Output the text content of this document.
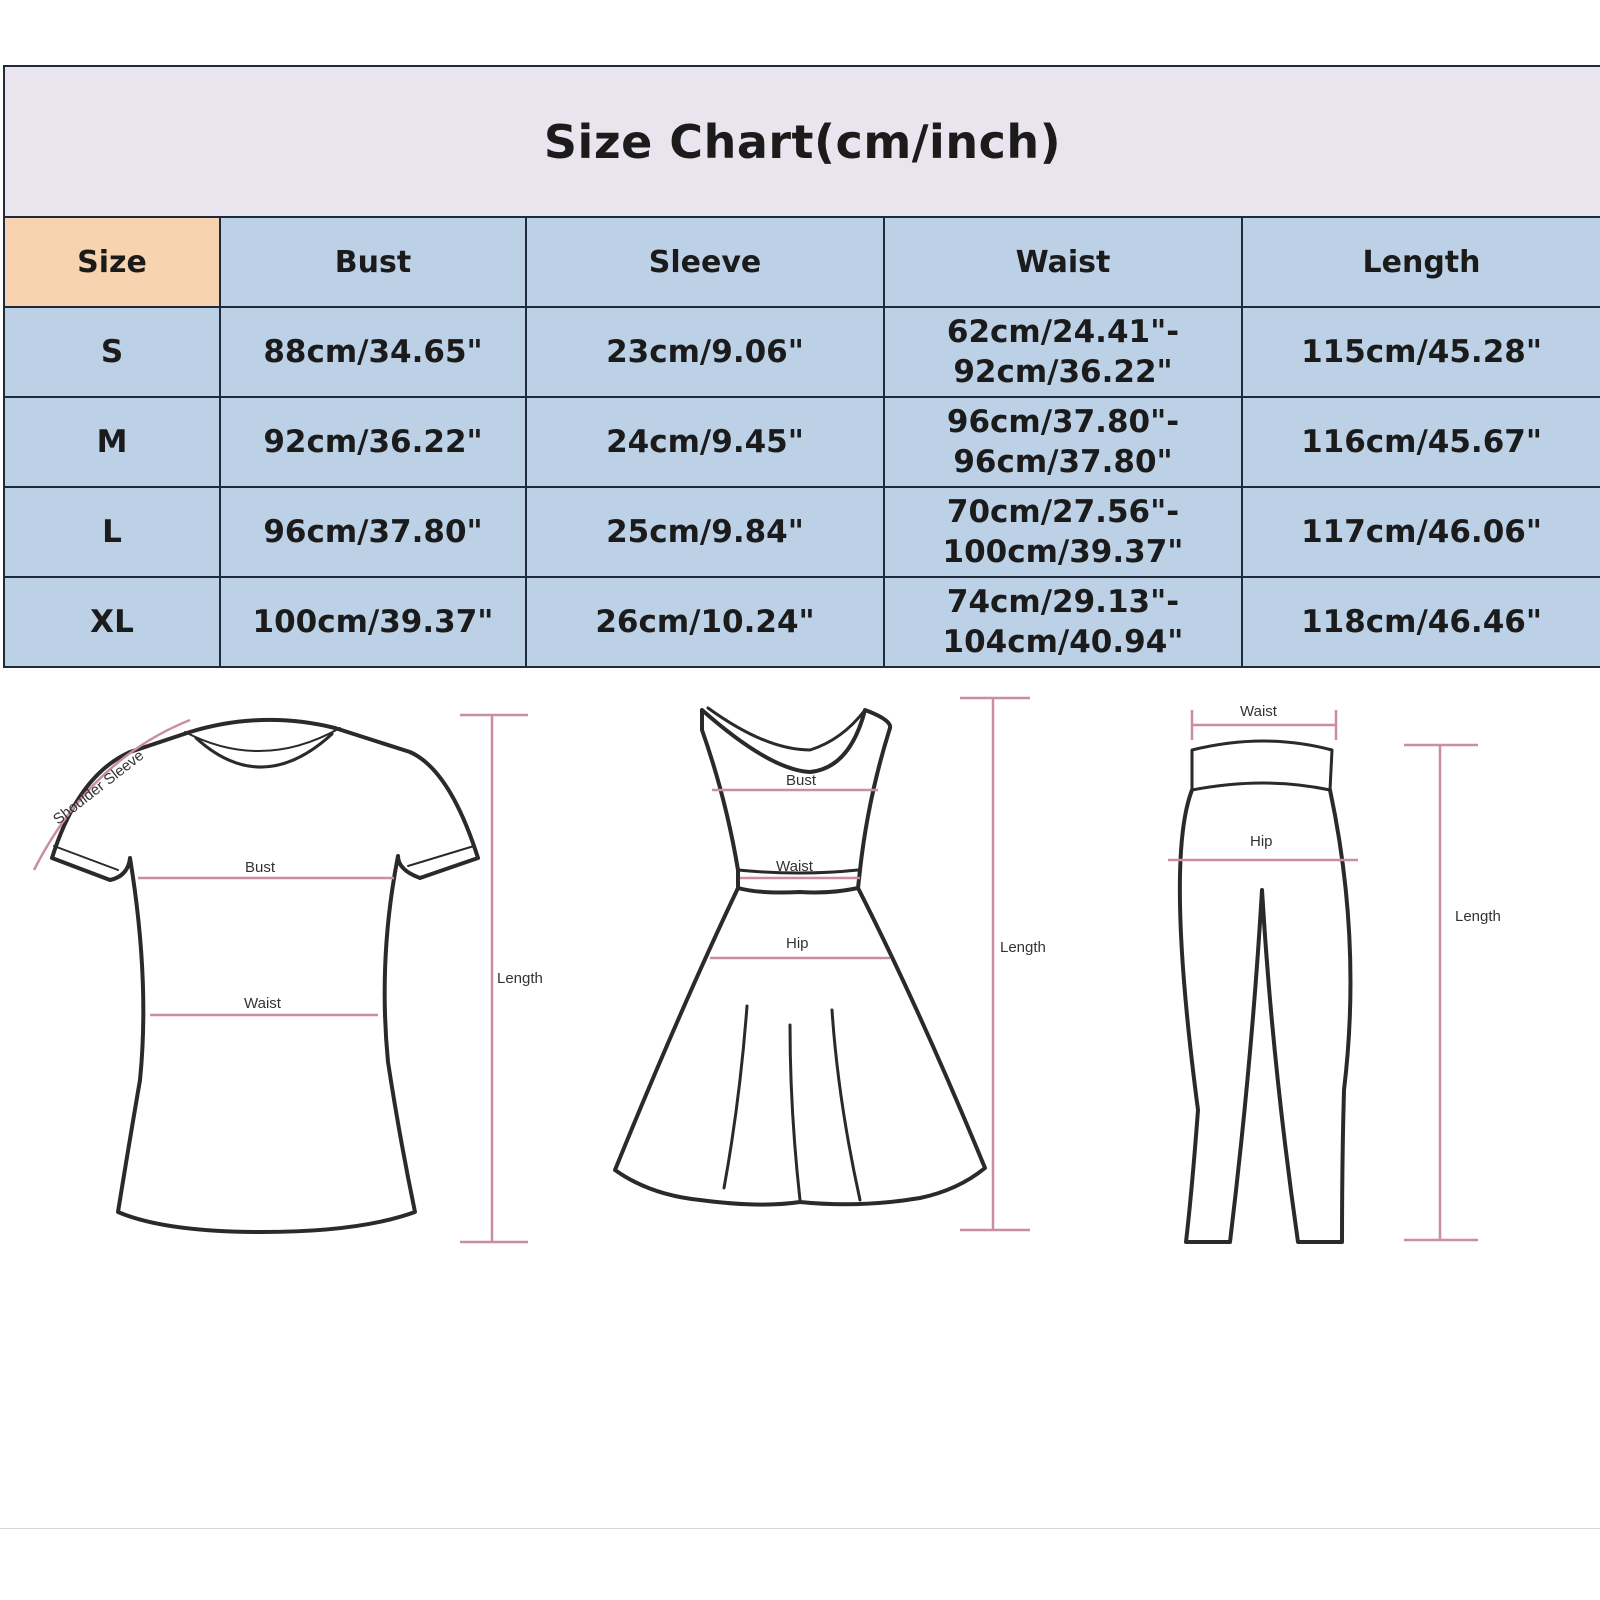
Size Chart(cm/inch)				
Size	Bust	Sleeve	Waist	Length
S	88cm/34.65"	23cm/9.06"	62cm/24.41"-
92cm/36.22"	115cm/45.28"
M	92cm/36.22"	24cm/9.45"	96cm/37.80"-
96cm/37.80"	116cm/45.67"
L	96cm/37.80"	25cm/9.84"	70cm/27.56"-
100cm/39.37"	117cm/46.06"
XL	100cm/39.37"	26cm/10.24"	74cm/29.13"-
104cm/40.94"	118cm/46.46"
Shoulder Sleeve
Bust
Waist
Length
Bust
Waist
Hip	Length
Waist
Hip
Length
